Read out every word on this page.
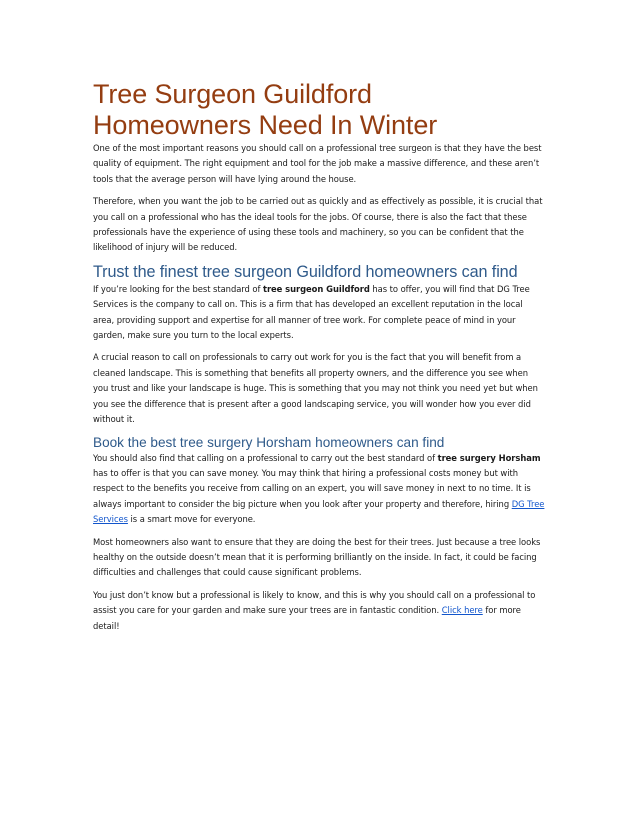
Tree Surgeon Guildford
Homeowners Need In Winter

One of the most important reasons you should call on a professional tree surgeon is that they have the best quality of equipment. The right equipment and tool for the job make a massive difference, and these aren’t tools that the average person will have lying around the house.

Therefore, when you want the job to be carried out as quickly and as effectively as possible, it is crucial that you call on a professional who has the ideal tools for the jobs. Of course, there is also the fact that these professionals have the experience of using these tools and machinery, so you can be confident that the likelihood of injury will be reduced.

Trust the finest tree surgeon Guildford homeowners can find

If you’re looking for the best standard of tree surgeon Guildford has to offer, you will find that DG Tree Services is the company to call on. This is a firm that has developed an excellent reputation in the local area, providing support and expertise for all manner of tree work. For complete peace of mind in your garden, make sure you turn to the local experts.

A crucial reason to call on professionals to carry out work for you is the fact that you will benefit from a cleaned landscape. This is something that benefits all property owners, and the difference you see when you trust and like your landscape is huge. This is something that you may not think you need yet but when you see the difference that is present after a good landscaping service, you will wonder how you ever did without it.

Book the best tree surgery Horsham homeowners can find

You should also find that calling on a professional to carry out the best standard of tree surgery Horsham has to offer is that you can save money. You may think that hiring a professional costs money but with respect to the benefits you receive from calling on an expert, you will save money in next to no time. It is always important to consider the big picture when you look after your property and therefore, hiring DG Tree Services is a smart move for everyone.

Most homeowners also want to ensure that they are doing the best for their trees. Just because a tree looks healthy on the outside doesn’t mean that it is performing brilliantly on the inside. In fact, it could be facing difficulties and challenges that could cause significant problems.

You just don’t know but a professional is likely to know, and this is why you should call on a professional to assist you care for your garden and make sure your trees are in fantastic condition. Click here for more detail!
